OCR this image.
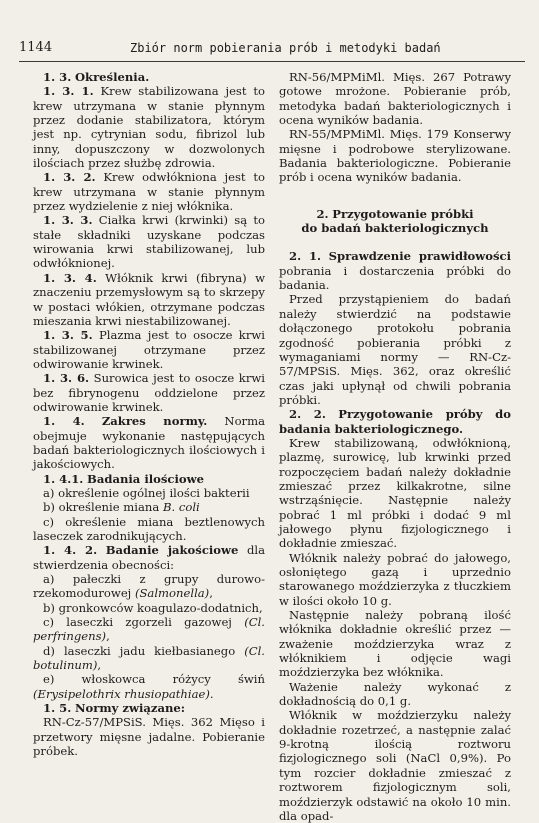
1144	Zbiór norm pobierania prób i metodyki badań

1. 3. Określenia.

1. 3. 1. Krew stabilizowana jest to krew utrzymana w stanie płynnym przez dodanie stabilizatora, którym jest np. cytrynian sodu, fibrizol lub inny, dopuszczony w dozwolonych ilościach przez służbę zdrowia.

1. 3. 2. Krew odwłókniona jest to krew utrzymana w stanie płynnym przez wydzielenie z niej włóknika.

1. 3. 3. Ciałka krwi (krwinki) są to stałe składniki uzyskane podczas wirowania krwi stabilizowanej, lub odwłóknionej.

1. 3. 4. Włóknik krwi (fibryna) w znaczeniu przemysłowym są to skrzepy w postaci włókien, otrzymane podczas mieszania krwi niestabilizowanej.

1. 3. 5. Plazma jest to osocze krwi stabilizowanej otrzymane przez odwirowanie krwinek.

1. 3. 6. Surowica jest to osocze krwi bez fibrynogenu oddzielone przez odwirowanie krwinek.

1. 4. Zakres normy. Norma obejmuje wykonanie następujących badań bakteriologicznych ilościowych i jakościowych.

1. 4.1. Badania ilościowe

a) określenie ogólnej ilości bakterii

b) określenie miana B. coli

c) określenie miana beztlenowych laseczek zarodnikujących.

1. 4. 2. Badanie jakościowe dla stwierdzenia obecności:

a) pałeczki z grupy durowo-rzekomodurowej (Salmonella),

b) gronkowców koagulazo-dodatnich,

c) laseczki zgorzeli gazowej (Cl. perfringens),

d) laseczki jadu kiełbasianego (Cl. botulinum),

e) włoskowca różycy świń (Erysipelothrix rhusiopathiae).

1. 5. Normy związane:

RN-Cz-57/MPSiS. Mięs. 362 Mięso i przetwory mięsne jadalne. Pobieranie próbek.

RN-56/MPMiMl. Mięs. 267 Potrawy gotowe mrożone. Pobieranie prób, metodyka badań bakteriologicznych i ocena wyników badania.

RN-55/MPMiMl. Mięs. 179 Konserwy mięsne i podrobowe sterylizowane. Badania bakteriologiczne. Pobieranie prób i ocena wyników badania.

2. Przygotowanie próbki
do badań bakteriologicznych

2. 1. Sprawdzenie prawidłowości pobrania i dostarczenia próbki do badania.

Przed przystąpieniem do badań należy stwierdzić na podstawie dołączonego protokołu pobrania zgodność pobierania próbki z wymaganiami normy — RN-Cz-57/MPSiS. Mięs. 362, oraz określić czas jaki upłynął od chwili pobrania próbki.

2. 2. Przygotowanie próby do badania bakteriologicznego.

Krew stabilizowaną, odwłóknioną, plazmę, surowicę, lub krwinki przed rozpoczęciem badań należy dokładnie zmieszać przez kilkakrotne, silne wstrząśnięcie. Następnie należy pobrać 1 ml próbki i dodać 9 ml jałowego płynu fizjologicznego i dokładnie zmieszać.

Włóknik należy pobrać do jałowego, osłoniętego gazą i uprzednio starowanego moździerzyka z tłuczkiem w ilości około 10 g.

Następnie należy pobraną ilość włóknika dokładnie określić przez — zważenie moździerzyka wraz z włóknikiem i odjęcie wagi moździerzyka bez włóknika.

Ważenie należy wykonać z dokładnością do 0,1 g.

Włóknik w moździerzyku należy dokładnie rozetrzeć, a następnie zalać 9-krotną ilością roztworu fizjologicznego soli (NaCl 0,9%). Po tym rozcier dokładnie zmieszać z roztworem fizjologicznym soli, moździerzyk odstawić na około 10 min. dla opad-
